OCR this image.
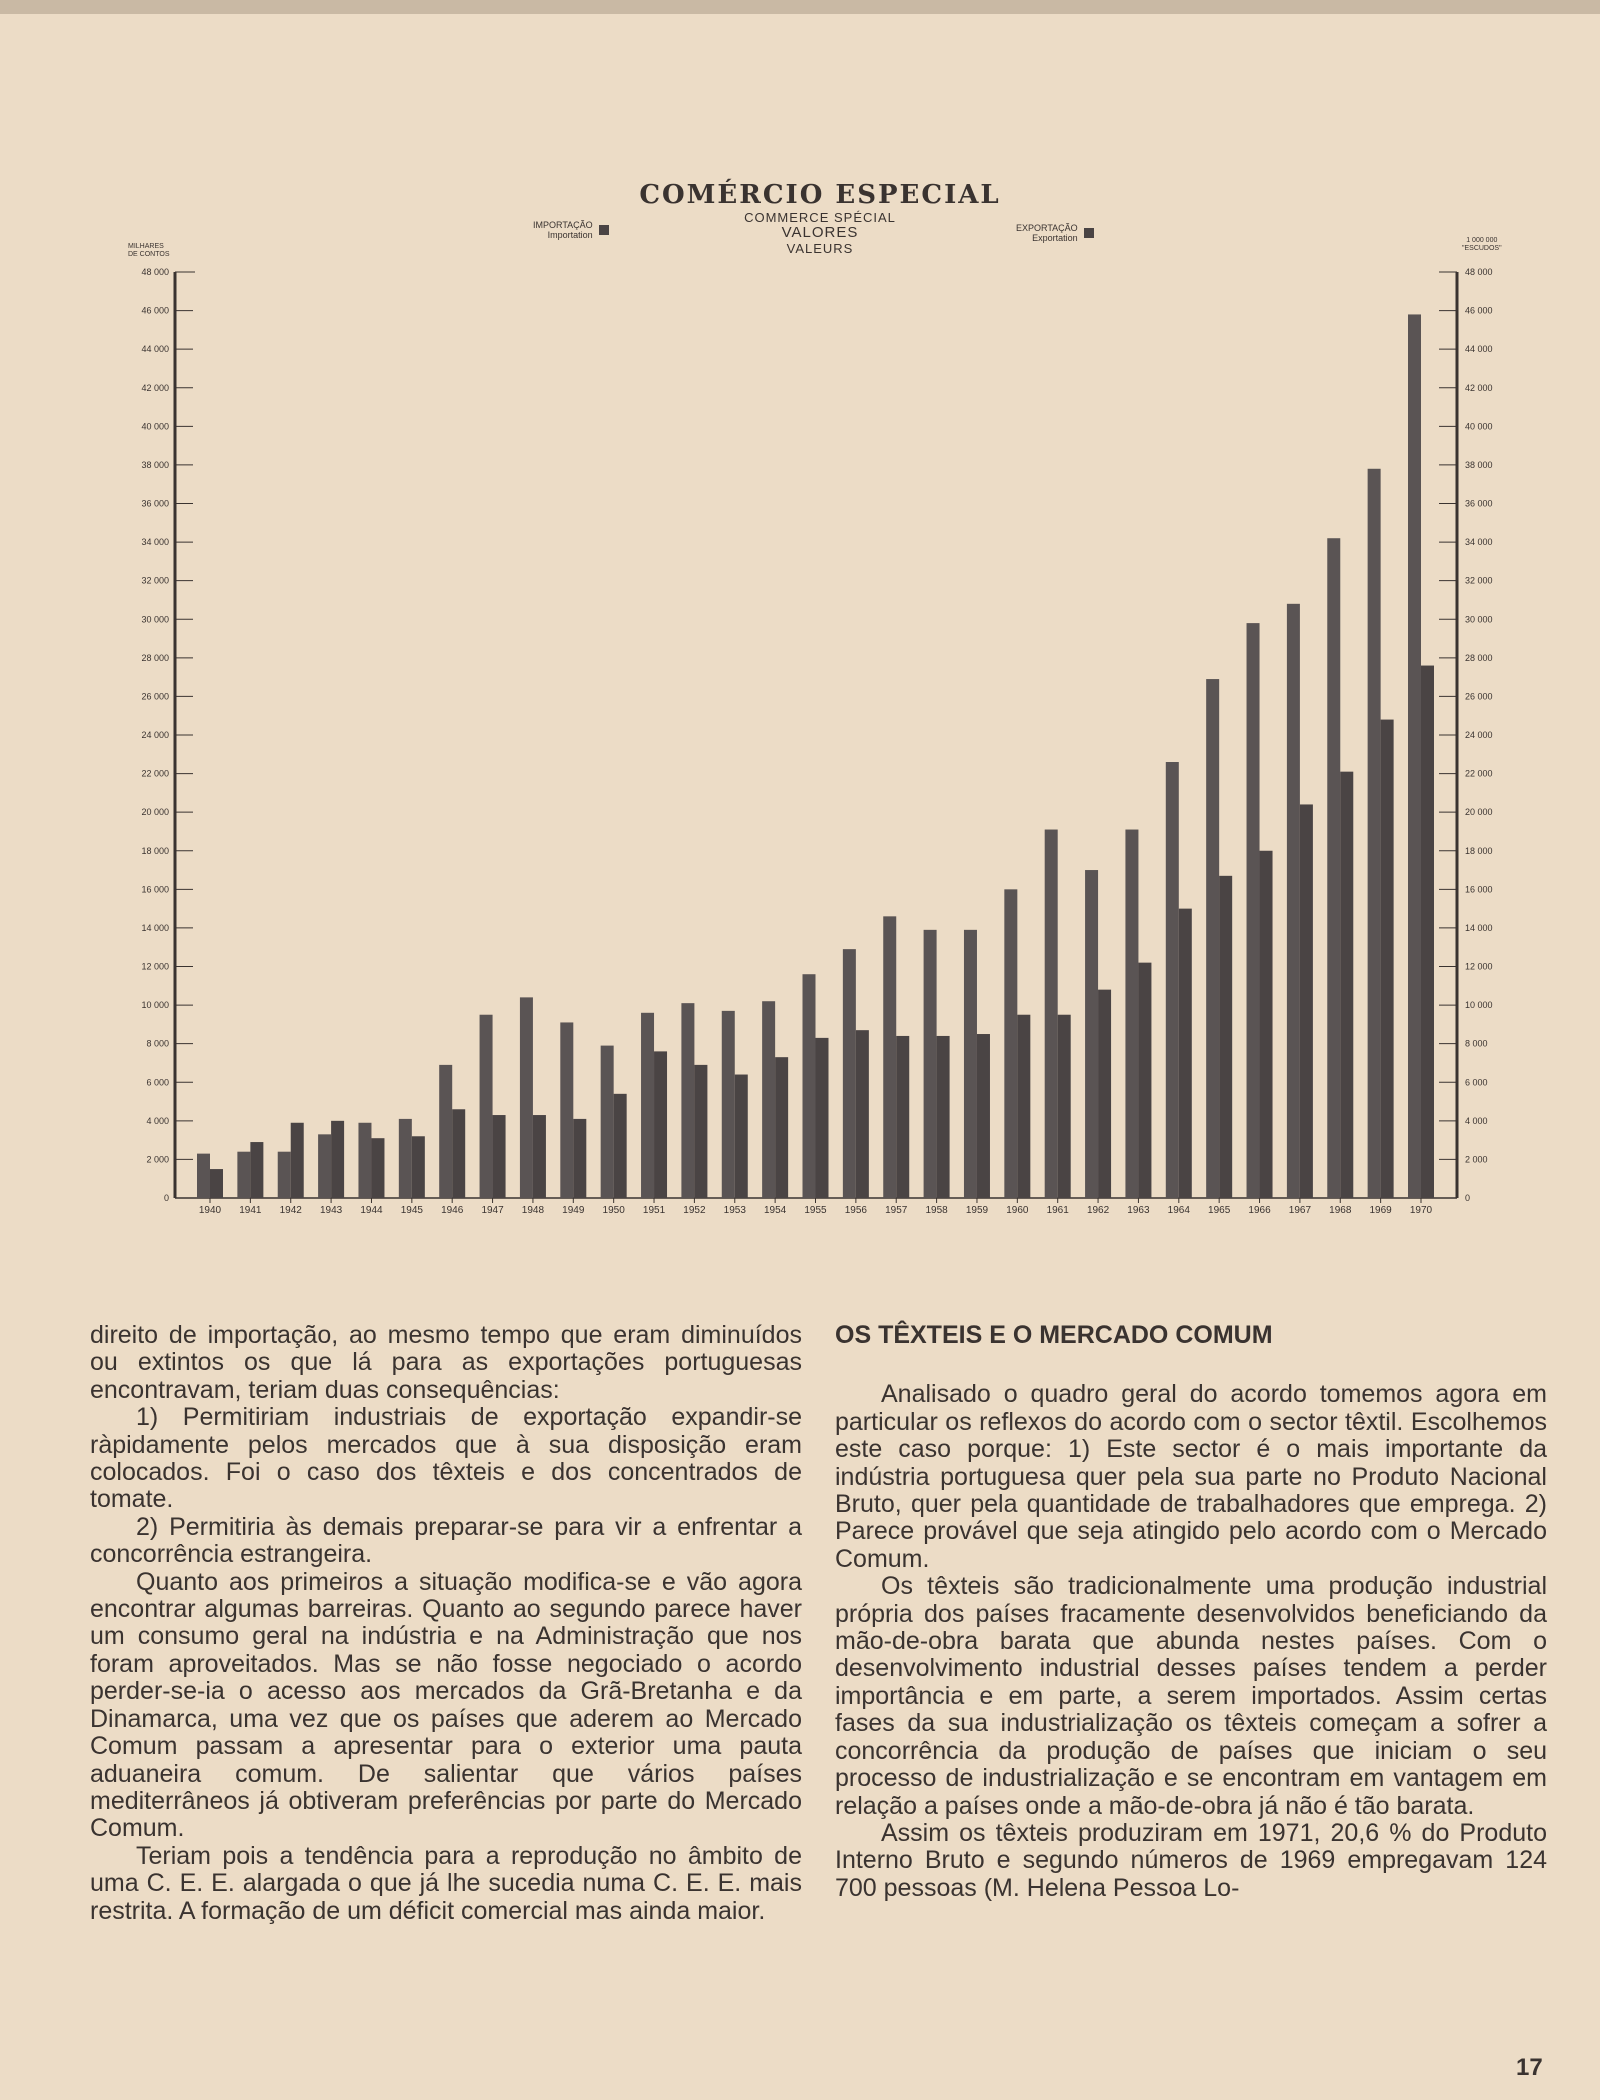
COMÉRCIO ESPECIAL
COMMERCE SPÉCIAL
VALORES
VALEURS
IMPORTAÇÃO
Importation
EXPORTAÇÃO
Exportation
MILHARES
DE CONTOS
1 000 000
"ESCUDOS"
0	0
2 000	2 000
4 000	4 000
6 000	6 000
8 000	8 000
10 000	10 000
12 000	12 000
14 000	14 000
16 000	16 000
18 000	18 000
20 000	20 000
22 000	22 000
24 000	24 000
26 000	26 000
28 000	28 000
30 000	30 000
32 000	32 000
34 000	34 000
36 000	36 000
38 000	38 000
40 000	40 000
42 000	42 000
44 000	44 000
46 000	46 000
48 000	48 000
1940 1941 1942 1943 1944 1945 1946 1947 1948 1949 1950 1951 1952 1953 1954 1955 1956 1957 1958 1959 1960 1961 1962 1963 1964 1965 1966 1967 1968 1969 1970

direito de importação, ao mesmo tempo que eram diminuídos ou extintos os que lá para as exportações portuguesas encontravam, teriam duas consequências:

1) Permitiriam industriais de exportação expandir-se ràpidamente pelos mercados que à sua disposição eram colocados. Foi o caso dos têxteis e dos concentrados de tomate.

2) Permitiria às demais preparar-se para vir a enfrentar a concorrência estrangeira.

Quanto aos primeiros a situação modifica-se e vão agora encontrar algumas barreiras. Quanto ao segundo parece haver um consumo geral na indústria e na Administração que nos foram aproveitados. Mas se não fosse negociado o acordo perder-se-ia o acesso aos mercados da Grã-Bretanha e da Dinamarca, uma vez que os países que aderem ao Mercado Comum passam a apresentar para o exterior uma pauta aduaneira comum. De salientar que vários países mediterrâneos já obtiveram preferências por parte do Mercado Comum.

Teriam pois a tendência para a reprodução no âmbito de uma C. E. E. alargada o que já lhe sucedia numa C. E. E. mais restrita. A formação de um déficit comercial mas ainda maior.

OS TÊXTEIS E O MERCADO COMUM

Analisado o quadro geral do acordo tomemos agora em particular os reflexos do acordo com o sector têxtil. Escolhemos este caso porque: 1) Este sector é o mais importante da indústria portuguesa quer pela sua parte no Produto Nacional Bruto, quer pela quantidade de trabalhadores que emprega. 2) Parece provável que seja atingido pelo acordo com o Mercado Comum.

Os têxteis são tradicionalmente uma produção industrial própria dos países fracamente desenvolvidos beneficiando da mão-de-obra barata que abunda nestes países. Com o desenvolvimento industrial desses países tendem a perder importância e em parte, a serem importados. Assim certas fases da sua industrialização os têxteis começam a sofrer a concorrência da produção de países que iniciam o seu processo de industrialização e se encontram em vantagem em relação a países onde a mão-de-obra já não é tão barata.

Assim os têxteis produziram em 1971, 20,6 % do Produto Interno Bruto e segundo números de 1969 empregavam 124 700 pessoas (M. Helena Pessoa Lo-

17
